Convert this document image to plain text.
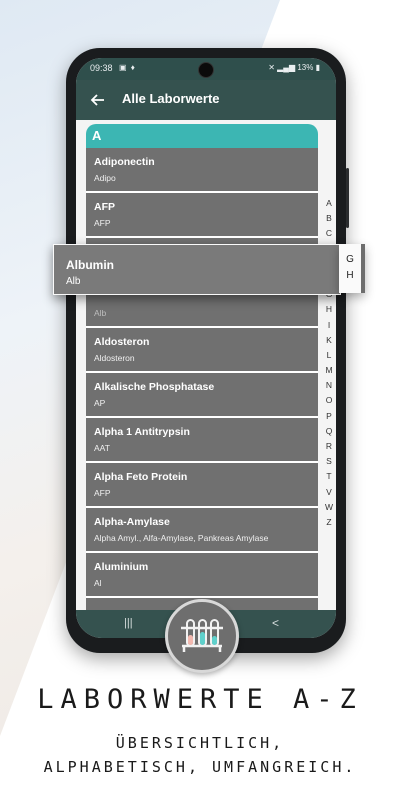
09:38 ▣ ♦	✕ ▂▄▆ 13% ▮
Alle Laborwerte
A
Adiponectin
Adipo
AFP
AFP
Alb
Aldosteron
Aldosteron
Alkalische Phosphatase
AP
Alpha 1 Antitrypsin
AAT
Alpha Feto Protein
AFP
Alpha-Amylase
Alpha Amyl., Alfa-Amylase, Pankreas Amylase
Aluminium
Al
A
B
C
H
I
K
L
M
N
O
P
Q
R
S
T
V
W
Z
|||	<
Albumin
Alb
G
H
LABORWERTE A-Z
ÜBERSICHTLICH,
ALPHABETISCH, UMFANGREICH.
